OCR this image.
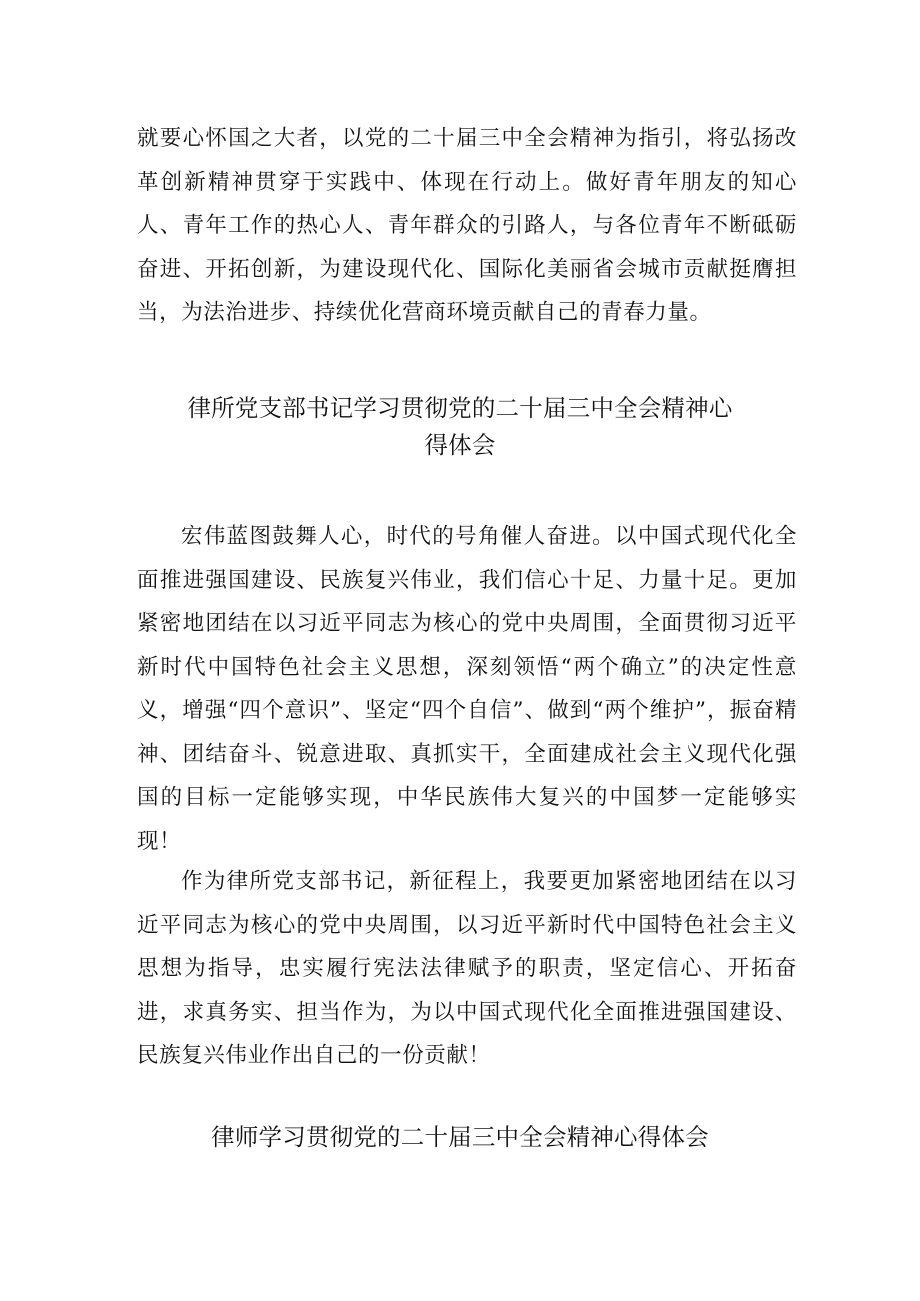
就要心怀国之大者，以党的二十届三中全会精神为指引，将弘扬改革创新精神贯穿于实践中、体现在行动上。做好青年朋友的知心人、青年工作的热心人、青年群众的引路人，与各位青年不断砥砺奋进、开拓创新，为建设现代化、国际化美丽省会城市贡献挺膺担当，为法治进步、持续优化营商环境贡献自己的青春力量。

律所党支部书记学习贯彻党的二十届三中全会精神心
得体会

宏伟蓝图鼓舞人心，时代的号角催人奋进。以中国式现代化全面推进强国建设、民族复兴伟业，我们信心十足、力量十足。更加紧密地团结在以习近平同志为核心的党中央周围，全面贯彻习近平新时代中国特色社会主义思想，深刻领悟“两个确立”的决定性意义，增强“四个意识”、坚定“四个自信”、做到“两个维护”，振奋精神、团结奋斗、锐意进取、真抓实干，全面建成社会主义现代化强国的目标一定能够实现，中华民族伟大复兴的中国梦一定能够实现！

作为律所党支部书记，新征程上，我要更加紧密地团结在以习近平同志为核心的党中央周围，以习近平新时代中国特色社会主义思想为指导，忠实履行宪法法律赋予的职责，坚定信心、开拓奋进，求真务实、担当作为，为以中国式现代化全面推进强国建设、民族复兴伟业作出自己的一份贡献！

律师学习贯彻党的二十届三中全会精神心得体会
